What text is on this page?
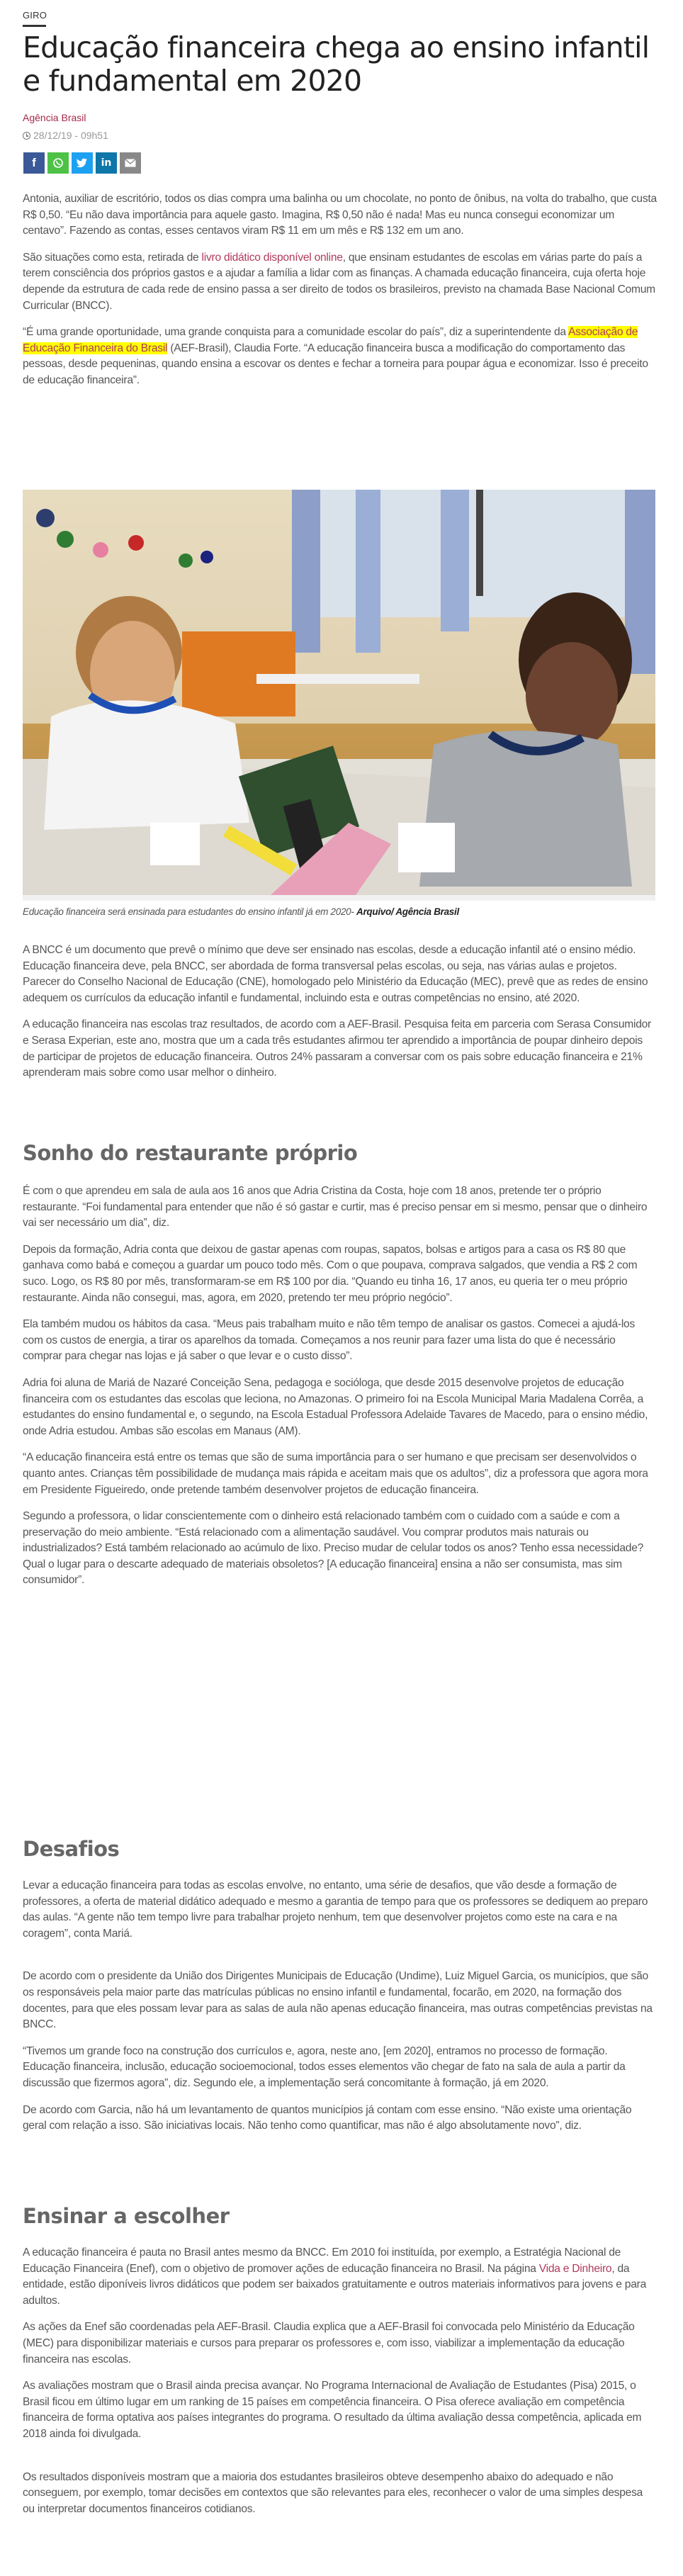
GIRO
Educação financeira chega ao ensino infantil e fundamental em 2020
Agência Brasil
28/12/19 - 09h51
f	in

Antonia, auxiliar de escritório, todos os dias compra uma balinha ou um chocolate, no ponto de ônibus, na volta do trabalho, que custa R$ 0,50. “Eu não dava importância para aquele gasto. Imagina, R$ 0,50 não é nada! Mas eu nunca consegui economizar um centavo”. Fazendo as contas, esses centavos viram R$ 11 em um mês e R$ 132 em um ano.

São situações como esta, retirada de livro didático disponível online, que ensinam estudantes de escolas em várias parte do país a terem consciência dos próprios gastos e a ajudar a família a lidar com as finanças. A chamada educação financeira, cuja oferta hoje depende da estrutura de cada rede de ensino passa a ser direito de todos os brasileiros, previsto na chamada Base Nacional Comum Curricular (BNCC).

“É uma grande oportunidade, uma grande conquista para a comunidade escolar do país”, diz a superintendente da Associação de Educação Financeira do Brasil (AEF-Brasil), Claudia Forte. “A educação financeira busca a modificação do comportamento das pessoas, desde pequeninas, quando ensina a escovar os dentes e fechar a torneira para poupar água e economizar. Isso é preceito de educação financeira”.

Educação financeira será ensinada para estudantes do ensino infantil já em 2020- Arquivo/ Agência Brasil

A BNCC é um documento que prevê o mínimo que deve ser ensinado nas escolas, desde a educação infantil até o ensino médio. Educação financeira deve, pela BNCC, ser abordada de forma transversal pelas escolas, ou seja, nas várias aulas e projetos. Parecer do Conselho Nacional de Educação (CNE), homologado pelo Ministério da Educação (MEC), prevê que as redes de ensino adequem os currículos da educação infantil e fundamental, incluindo esta e outras competências no ensino, até 2020.

A educação financeira nas escolas traz resultados, de acordo com a AEF-Brasil. Pesquisa feita em parceria com Serasa Consumidor e Serasa Experian, este ano, mostra que um a cada três estudantes afirmou ter aprendido a importância de poupar dinheiro depois de participar de projetos de educação financeira. Outros 24% passaram a conversar com os pais sobre educação financeira e 21% aprenderam mais sobre como usar melhor o dinheiro.

Sonho do restaurante próprio

É com o que aprendeu em sala de aula aos 16 anos que Adria Cristina da Costa, hoje com 18 anos, pretende ter o próprio restaurante. “Foi fundamental para entender que não é só gastar e curtir, mas é preciso pensar em si mesmo, pensar que o dinheiro vai ser necessário um dia”, diz.

Depois da formação, Adria conta que deixou de gastar apenas com roupas, sapatos, bolsas e artigos para a casa os R$ 80 que ganhava como babá e começou a guardar um pouco todo mês. Com o que poupava, comprava salgados, que vendia a R$ 2 com suco. Logo, os R$ 80 por mês, transformaram-se em R$ 100 por dia. “Quando eu tinha 16, 17 anos, eu queria ter o meu próprio restaurante. Ainda não consegui, mas, agora, em 2020, pretendo ter meu próprio negócio”.

Ela também mudou os hábitos da casa. “Meus pais trabalham muito e não têm tempo de analisar os gastos. Comecei a ajudá-los com os custos de energia, a tirar os aparelhos da tomada. Começamos a nos reunir para fazer uma lista do que é necessário comprar para chegar nas lojas e já saber o que levar e o custo disso”.

Adria foi aluna de Mariá de Nazaré Conceição Sena, pedagoga e socióloga, que desde 2015 desenvolve projetos de educação financeira com os estudantes das escolas que leciona, no Amazonas. O primeiro foi na Escola Municipal Maria Madalena Corrêa, a estudantes do ensino fundamental e, o segundo, na Escola Estadual Professora Adelaide Tavares de Macedo, para o ensino médio, onde Adria estudou. Ambas são escolas em Manaus (AM).

“A educação financeira está entre os temas que são de suma importância para o ser humano e que precisam ser desenvolvidos o quanto antes. Crianças têm possibilidade de mudança mais rápida e aceitam mais que os adultos”, diz a professora que agora mora em Presidente Figueiredo, onde pretende também desenvolver projetos de educação financeira.

Segundo a professora, o lidar conscientemente com o dinheiro está relacionado também com o cuidado com a saúde e com a preservação do meio ambiente. “Está relacionado com a alimentação saudável. Vou comprar produtos mais naturais ou industrializados? Está também relacionado ao acúmulo de lixo. Preciso mudar de celular todos os anos? Tenho essa necessidade? Qual o lugar para o descarte adequado de materiais obsoletos? [A educação financeira] ensina a não ser consumista, mas sim consumidor”.

Desafios

Levar a educação financeira para todas as escolas envolve, no entanto, uma série de desafios, que vão desde a formação de professores, a oferta de material didático adequado e mesmo a garantia de tempo para que os professores se dediquem ao preparo das aulas. “A gente não tem tempo livre para trabalhar projeto nenhum, tem que desenvolver projetos como este na cara e na coragem”, conta Mariá.

De acordo com o presidente da União dos Dirigentes Municipais de Educação (Undime), Luiz Miguel Garcia, os municípios, que são os responsáveis pela maior parte das matrículas públicas no ensino infantil e fundamental, focarão, em 2020, na formação dos docentes, para que eles possam levar para as salas de aula não apenas educação financeira, mas outras competências previstas na BNCC.

“Tivemos um grande foco na construção dos currículos e, agora, neste ano, [em 2020], entramos no processo de formação. Educação financeira, inclusão, educação socioemocional, todos esses elementos vão chegar de fato na sala de aula a partir da discussão que fizermos agora”, diz. Segundo ele, a implementação será concomitante à formação, já em 2020.

De acordo com Garcia, não há um levantamento de quantos municípios já contam com esse ensino. “Não existe uma orientação geral com relação a isso. São iniciativas locais. Não tenho como quantificar, mas não é algo absolutamente novo”, diz.

Ensinar a escolher

A educação financeira é pauta no Brasil antes mesmo da BNCC. Em 2010 foi instituída, por exemplo, a Estratégia Nacional de Educação Financeira (Enef), com o objetivo de promover ações de educação financeira no Brasil. Na página Vida e Dinheiro, da entidade, estão diponíveis livros didáticos que podem ser baixados gratuitamente e outros materiais informativos para jovens e para adultos.

As ações da Enef são coordenadas pela AEF-Brasil. Claudia explica que a AEF-Brasil foi convocada pelo Ministério da Educação (MEC) para disponibilizar materiais e cursos para preparar os professores e, com isso, viabilizar a implementação da educação financeira nas escolas.

As avaliações mostram que o Brasil ainda precisa avançar. No Programa Internacional de Avaliação de Estudantes (Pisa) 2015, o Brasil ficou em último lugar em um ranking de 15 países em competência financeira. O Pisa oferece avaliação em competência financeira de forma optativa aos países integrantes do programa. O resultado da última avaliação dessa competência, aplicada em 2018 ainda foi divulgada.

Os resultados disponíveis mostram que a maioria dos estudantes brasileiros obteve desempenho abaixo do adequado e não conseguem, por exemplo, tomar decisões em contextos que são relevantes para eles, reconhecer o valor de uma simples despesa ou interpretar documentos financeiros cotidianos.
